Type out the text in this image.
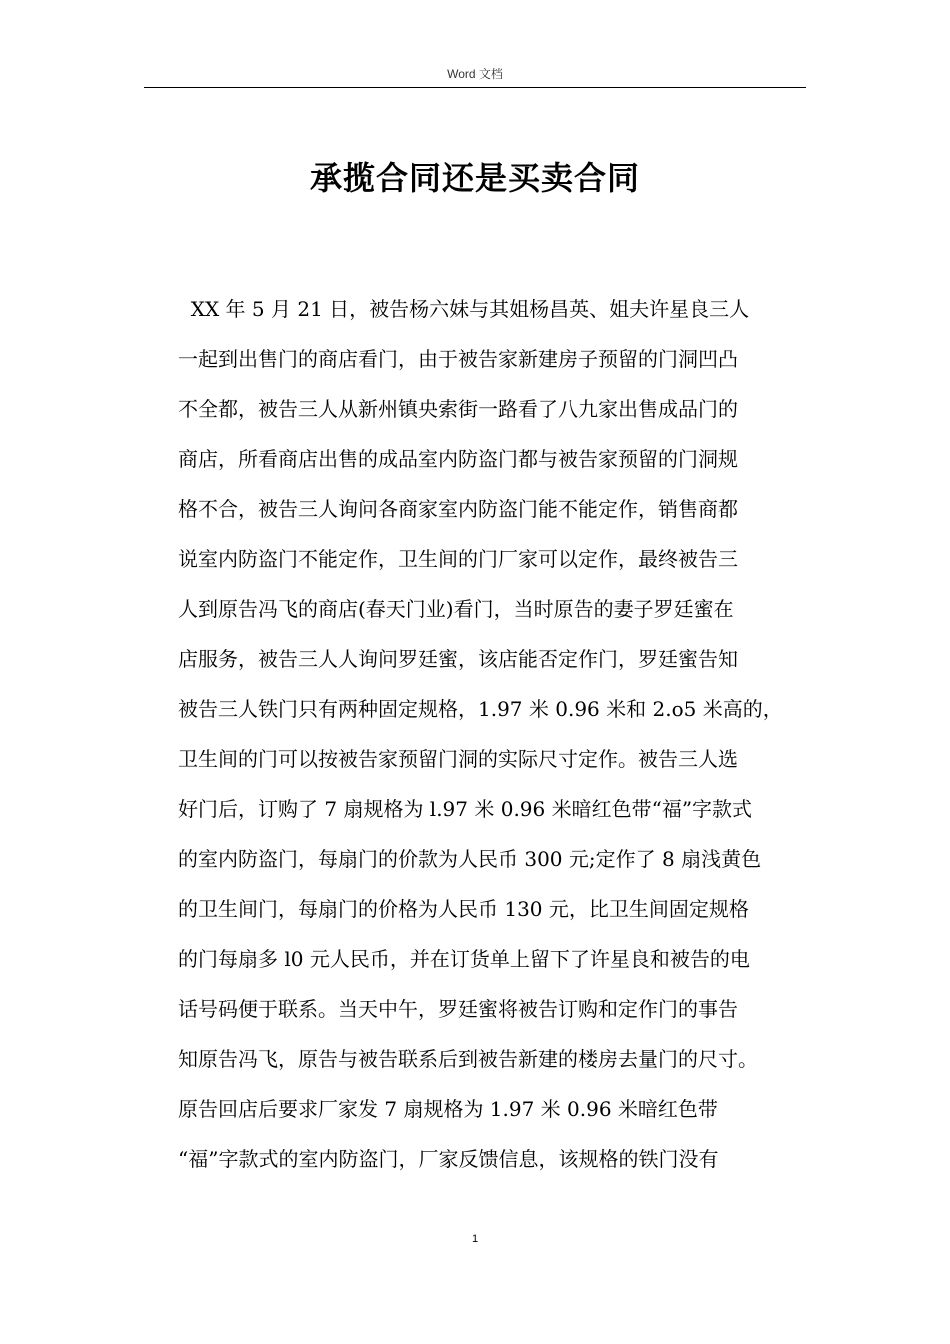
Word 文档
承揽合同还是买卖合同
XX 年 5 月 21 日，被告杨六妹与其姐杨昌英、姐夫许星良三人
一起到出售门的商店看门，由于被告家新建房子预留的门洞凹凸
不全都，被告三人从新州镇央索街一路看了八九家出售成品门的
商店，所看商店出售的成品室内防盗门都与被告家预留的门洞规
格不合，被告三人询问各商家室内防盗门能不能定作，销售商都
说室内防盗门不能定作，卫生间的门厂家可以定作，最终被告三
人到原告冯飞的商店(春天门业)看门，当时原告的妻子罗廷蜜在
店服务，被告三人人询问罗廷蜜，该店能否定作门，罗廷蜜告知
被告三人铁门只有两种固定规格，1.97 米 0.96 米和 2.o5 米高的，
卫生间的门可以按被告家预留门洞的实际尺寸定作。被告三人选
好门后，订购了 7 扇规格为 l.97 米 0.96 米暗红色带“福”字款式
的室内防盗门，每扇门的价款为人民币 300 元;定作了 8 扇浅黄色
的卫生间门，每扇门的价格为人民币 130 元，比卫生间固定规格
的门每扇多 l0 元人民币，并在订货单上留下了许星良和被告的电
话号码便于联系。当天中午，罗廷蜜将被告订购和定作门的事告
知原告冯飞，原告与被告联系后到被告新建的楼房去量门的尺寸。
原告回店后要求厂家发 7 扇规格为 1.97 米 0.96 米暗红色带
“福”字款式的室内防盗门，厂家反馈信息，该规格的铁门没有
1
